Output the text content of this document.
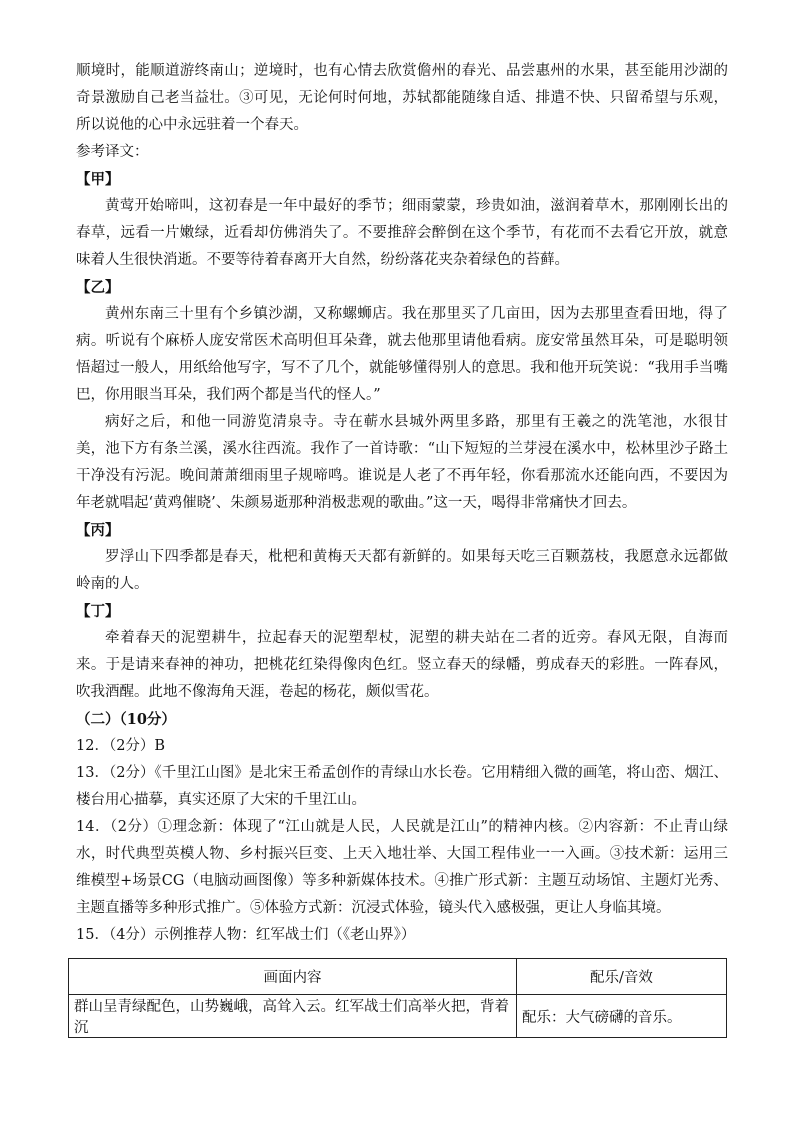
顺境时，能顺道游终南山；逆境时，也有心情去欣赏儋州的春光、品尝惠州的水果，甚至能用沙湖的奇景激励自己老当益壮。③可见，无论何时何地，苏轼都能随缘自适、排遣不快、只留希望与乐观，所以说他的心中永远驻着一个春天。

参考译文：

【甲】

黄莺开始啼叫，这初春是一年中最好的季节；细雨蒙蒙，珍贵如油，滋润着草木，那刚刚长出的春草，远看一片嫩绿，近看却仿佛消失了。不要推辞会醉倒在这个季节，有花而不去看它开放，就意味着人生很快消逝。不要等待着春离开大自然，纷纷落花夹杂着绿色的苔藓。

【乙】

黄州东南三十里有个乡镇沙湖，又称螺蛳店。我在那里买了几亩田，因为去那里查看田地，得了病。听说有个麻桥人庞安常医术高明但耳朵聋，就去他那里请他看病。庞安常虽然耳朵，可是聪明领悟超过一般人，用纸给他写字，写不了几个，就能够懂得别人的意思。我和他开玩笑说：“我用手当嘴巴，你用眼当耳朵，我们两个都是当代的怪人。”

病好之后，和他一同游览清泉寺。寺在蕲水县城外两里多路，那里有王羲之的洗笔池，水很甘美，池下方有条兰溪，溪水往西流。我作了一首诗歌：“山下短短的兰芽浸在溪水中，松林里沙子路土干净没有污泥。晚间萧萧细雨里子规啼鸣。谁说是人老了不再年轻，你看那流水还能向西，不要因为年老就唱起‘黄鸡催晓’、朱颜易逝那种消极悲观的歌曲。”这一天，喝得非常痛快才回去。

【丙】

罗浮山下四季都是春天，枇杷和黄梅天天都有新鲜的。如果每天吃三百颗荔枝，我愿意永远都做岭南的人。

【丁】

牵着春天的泥塑耕牛，拉起春天的泥塑犁杖，泥塑的耕夫站在二者的近旁。春风无限，自海而来。于是请来春神的神功，把桃花红染得像肉色红。竖立春天的绿幡，剪成春天的彩胜。一阵春风，吹我酒醒。此地不像海角天涯，卷起的杨花，颇似雪花。

（二）（10分）

12．（2分）B

13．（2分）《千里江山图》是北宋王希孟创作的青绿山水长卷。它用精细入微的画笔，将山峦、烟江、楼台用心描摹，真实还原了大宋的千里江山。

14．（2分）①理念新：体现了“江山就是人民，人民就是江山”的精神内核。②内容新：不止青山绿水，时代典型英模人物、乡村振兴巨变、上天入地壮举、大国工程伟业一一入画。③技术新：运用三维模型+场景CG（电脑动画图像）等多种新媒体技术。④推广形式新：主题互动场馆、主题灯光秀、主题直播等多种形式推广。⑤体验方式新：沉浸式体验，镜头代入感极强，更让人身临其境。

15．（4分）示例推荐人物：红军战士们（《老山界》）

画面内容	配乐/音效
群山呈青绿配色，山势巍峨，高耸入云。红军战士们高举火把，背着沉	配乐：大气磅礴的音乐。
